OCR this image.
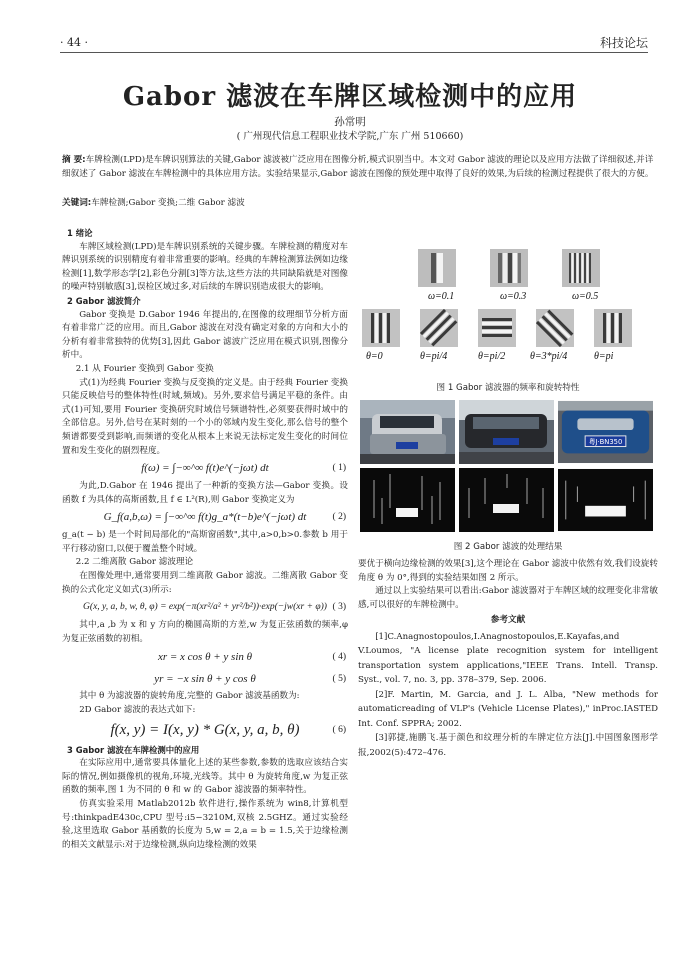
· 44 ·	科技论坛
Gabor 滤波在车牌区域检测中的应用
孙常明
( 广州现代信息工程职业技术学院,广东 广州 510660)
摘 要:车牌检测(LPD)是车牌识别算法的关键,Gabor 滤波被广泛应用在图像分析,模式识别当中。本文对 Gabor 滤波的理论以及应用方法做了详细叙述,并详细叙述了 Gabor 滤波在车牌检测中的具体应用方法。实验结果显示,Gabor 滤波在图像的预处理中取得了良好的效果,为后续的检测过程提供了很大的方便。
关键词:车牌检测;Gabor 变换;二维 Gabor 滤波

1 绪论

车牌区域检测(LPD)是车牌识别系统的关键步骤。车牌检测的精度对车牌识别系统的识别精度有着非常重要的影响。经典的车牌检测算法例如边缘检测[1],数学形态学[2],彩色分割[3]等方法,这些方法的共同缺陷就是对图像的噪声特别敏感[3],误检区域过多,对后续的车牌识别造成很大的影响。

2 Gabor 滤波简介

Gabor 变换是 D.Gabor 1946 年提出的,在图像的纹理细节分析方面有着非常广泛的应用。而且,Gabor 滤波在对没有确定对象的方向和大小的分析有着非常独特的优势[3],因此 Gabor 滤波广泛应用在模式识别,图像分析中。

2.1 从 Fourier 变换到 Gabor 变换

式(1)为经典 Fourier 变换与反变换的定义是。由于经典 Fourier 变换只能反映信号的整体特性(时域,频域)。另外,要求信号满足平稳的条件。由式(1)可知,要用 Fourier 变换研究时域信号频谱特性,必须要获得时域中的全部信息。另外,信号在某时刻的一个小的邻域内发生变化,那么信号的整个频谱都要受到影响,而频谱的变化从根本上来说无法标定发生变化的时间位置和发生变化的剧烈程度。

f(ω) = ∫−∞^∞ f(t)e^(−jωt) dt	( 1)

为此,D.Gabor 在 1946 提出了一种新的变换方法—Gabor 变换。设函数 f 为具体的高斯函数,且 f ∈ L²(R),则 Gabor 变换定义为

G_f(a,b,ω) = ∫−∞^∞ f(t)g_a*(t−b)e^(−jωt) dt	( 2)

g_a(t − b) 是一个时间局部化的"高斯窗函数",其中,a>0,b>0.参数 b 用于平行移动窗口,以便于覆盖整个时域。

2.2 二维离散 Gabor 滤波理论

在图像处理中,通常要用到二维离散 Gabor 滤波。二维离散 Gabor 变换的公式化定义如式(3)所示:

G(x, y, a, b, w, θ, φ) = exp(−π(xr²/a² + yr²/b²))·exp(−jw(xr + φ)) ( 3)

其中,a ,b 为 x 和 y 方向的椭圆高斯的方差,w 为复正弦函数的频率,φ 为复正弦函数的初相。

xr = x cos θ + y sin θ	( 4)
yr = −x sin θ + y cos θ	( 5)

其中 θ 为滤波器的旋转角度,完整的 Gabor 滤波基函数为:

2D Gabor 滤波的表达式如下:

f(x, y) = I(x, y) * G(x, y, a, b, θ)	( 6)

3 Gabor 滤波在车牌检测中的应用

在实际应用中,通常要具体量化上述的某些参数,参数的选取应该结合实际的情况,例如摄像机的视角,环境,光线等。其中 θ 为旋转角度,w 为复正弦函数的频率,图 1 为不同的 θ 和 w 的 Gabor 滤波器的频率特性。

仿真实验采用 Matlab2012b 软件进行,操作系统为 win8,计算机型号:thinkpadE430c,CPU 型号:i5−3210M,双核 2.5GHZ。通过实验经验,这里选取 Gabor 基函数的长度为 5,w = 2,a = b = 1.5,关于边缘检测的相关文献显示:对于边缘检测,纵向边缘检测的效果

ω=0.1	ω=0.3	ω=0.5
θ=0	θ=pi/4	θ=pi/2 θ=3*pi/4	θ=pi
图 1 Gabor 滤波器的频率和旋转特性
粤J·BN350
图 2 Gabor 滤波的处理结果

要优于横向边缘检测的效果[3],这个理论在 Gabor 滤波中依然有效,我们设旋转角度 θ 为 0°,得到的实验结果如图 2 所示。

通过以上实验结果可以看出:Gabor 滤波器对于车牌区域的纹理变化非常敏感,可以很好的车牌检测中。

参考文献

[1]C.Anagnostopoulos,I.Anagnostopoulos,E.Kayafas,and V.Loumos, "A license plate recognition system for intelligent transportation system applications,"IEEE Trans. Intell. Transp. Syst., vol. 7, no. 3, pp. 378–379, Sep. 2006.

[2]F. Martin, M. Garcia, and J. L. Alba, "New methods for automaticreading of VLP's (Vehicle License Plates)," inProc.IASTED Int. Conf. SPPRA; 2002.

[3]郭捷,施鹏飞.基于颜色和纹理分析的车牌定位方法[J].中国图象图形学报,2002(5):472–476.
